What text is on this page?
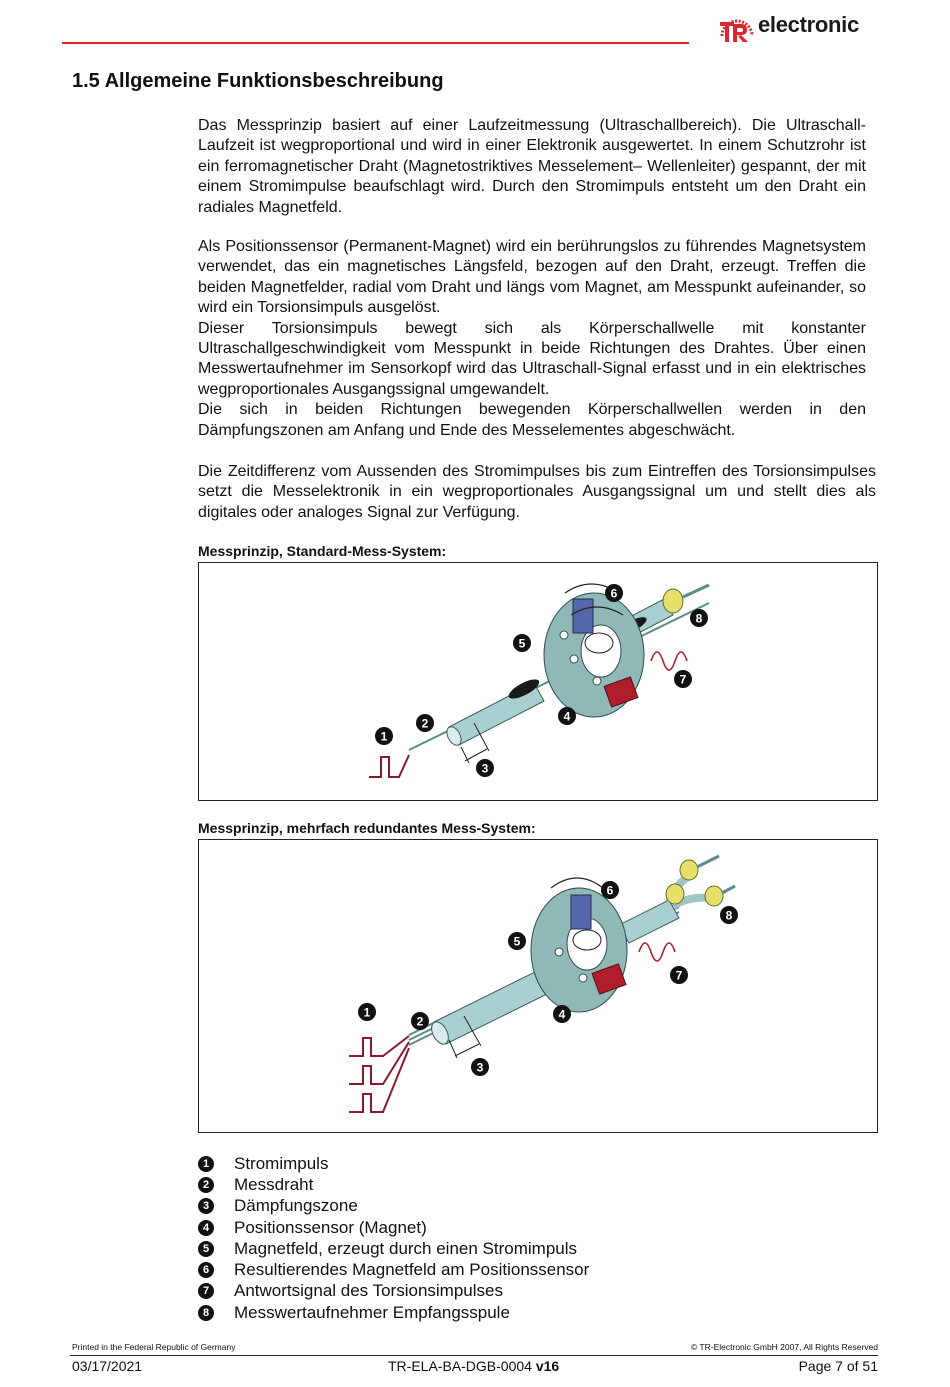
electronic
1.5 Allgemeine Funktionsbeschreibung

Das Messprinzip basiert auf einer Laufzeitmessung (Ultraschallbereich). Die Ultraschall-Laufzeit ist wegproportional und wird in einer Elektronik ausgewertet. In einem Schutzrohr ist ein ferromagnetischer Draht (Magnetostriktives Messelement– Wellenleiter) gespannt, der mit einem Stromimpulse beaufschlagt wird. Durch den Stromimpuls entsteht um den Draht ein radiales Magnetfeld.

Als Positionssensor (Permanent-Magnet) wird ein berührungslos zu führendes Magnetsystem verwendet, das ein magnetisches Längsfeld, bezogen auf den Draht, erzeugt. Treffen die beiden Magnetfelder, radial vom Draht und längs vom Magnet, am Messpunkt aufeinander, so wird ein Torsionsimpuls ausgelöst.

Dieser Torsionsimpuls bewegt sich als Körperschallwelle mit konstanter Ultraschallgeschwindigkeit vom Messpunkt in beide Richtungen des Drahtes. Über einen Messwertaufnehmer im Sensorkopf wird das Ultraschall-Signal erfasst und in ein elektrisches wegproportionales Ausgangssignal umgewandelt.

Die sich in beiden Richtungen bewegenden Körperschallwellen werden in den Dämpfungszonen am Anfang und Ende des Messelementes abgeschwächt.

Die Zeitdifferenz vom Aussenden des Stromimpulses bis zum Eintreffen des Torsionsimpulses setzt die Messelektronik in ein wegproportionales Ausgangssignal um und stellt dies als digitales oder analoges Signal zur Verfügung.

Messprinzip, Standard-Mess-System:
1
2
3
4
5
6
7
8
Messprinzip, mehrfach redundantes Mess-System:
1
2
3
4
5
6
7
8
1 Stromimpuls
2 Messdraht
3 Dämpfungszone
4 Positionssensor (Magnet)
5 Magnetfeld, erzeugt durch einen Stromimpuls
6 Resultierendes Magnetfeld am Positionssensor
7 Antwortsignal des Torsionsimpulses
8 Messwertaufnehmer Empfangsspule
Printed in the Federal Republic of Germany	© TR-Electronic GmbH 2007, All Rights Reserved
03/17/2021	TR-ELA-BA-DGB-0004 v16	Page 7 of 51
